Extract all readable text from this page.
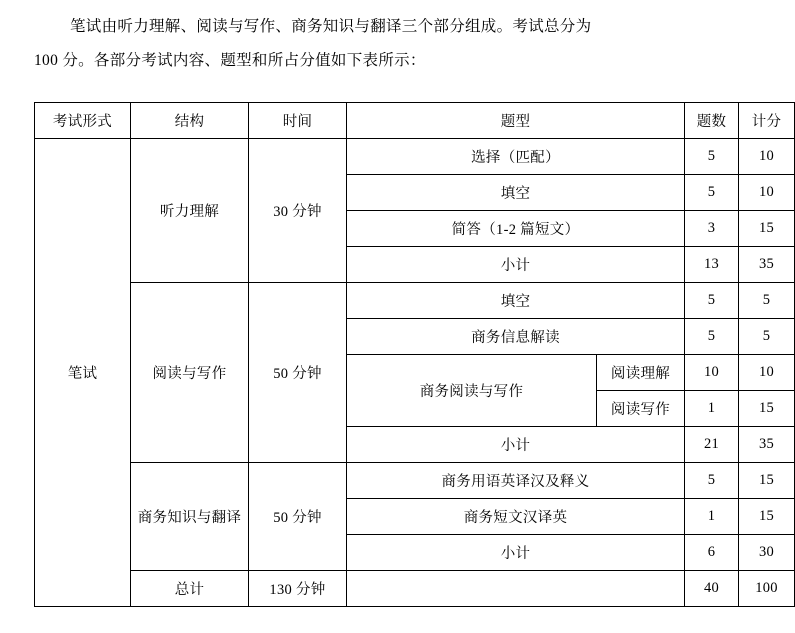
笔试由听力理解、阅读与写作、商务知识与翻译三个部分组成。考试总分为
100 分。各部分考试内容、题型和所占分值如下表所示：

考试形式	结构	时间	题型		题数	计分
笔试	听力理解	30 分钟	选择（匹配）		5	10
			填空		5	10
			简答（1-2 篇短文）		3	15
			小计		13	35
	阅读与写作	50 分钟	填空		5	5
			商务信息解读		5	5
			商务阅读与写作	阅读理解	10	10
				阅读写作	1	15
			小计		21	35
	商务知识与翻译	50 分钟	商务用语英译汉及释义		5	15
			商务短文汉译英		1	15
			小计		6	30
	总计	130 分钟			40	100
